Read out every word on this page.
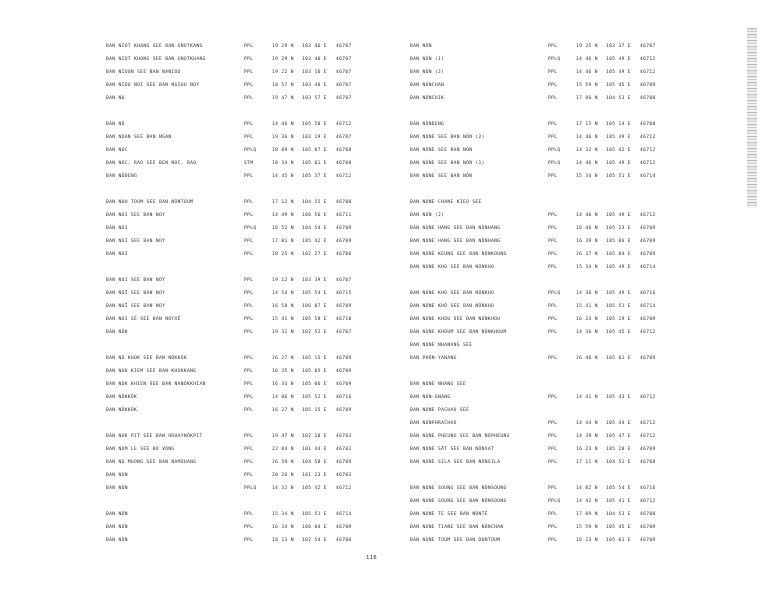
BAN NIOT KHANG SEE BAN GNOTKANG	PPL	19 29 N 103 46 E 46707
BAN NIOT KHONG SEE BAN GNOTKHANG	PPL	19 29 N 103 46 E 46707
BAN NIOUN SEE BAN NANIOU	PPL	19 22 N 103 16 E 46707
BAN NIOU NOI SEE BAN NGIOU NOY	PPL	18 57 N 103 40 E 46707
BAN NO	PPL	19 47 N 103 57 E 46707
BAN NÔ	PPL	14 46 N 105 50 E 46712
BAN NOAN SEE BAN NGAN	PPL	19 36 N 103 19 E 46707
BAN NOC	PPLQ	18 09 N 105 07 E 46708
BAN NOC, RAO SEE BEN NOC, RAO	STM	18 34 N 105 01 E 46708
BAN NÔDENG	PPL	14 45 N 105 37 E 46712
BAN NOH TOUM SEE BAN NÔNTOUM	PPL	17 12 N 104 55 E 46708
BAN NOI SEE BAN NOY	PPL	14 49 N 106 56 E 46711
BAN NOI	PPLQ	16 52 N 104 54 E 46709
BAN NOI SEE BAN NOY	PPL	17 01 N 105 42 E 46709
BAN NOI	PPL	18 25 N 102 27 E 46706
BAN NOI SEE BAN NOY	PPL	19 12 N 103 39 E 46707
BAN NOÏ SEE BAN NOY	PPL	14 54 N 105 54 E 46715
BAN NOÏ SEE BAN NOY	PPL	16 58 N 106 07 E 46709
BAN NOI SÉ SEE BAN NOYXÉ	PPL	15 41 N 105 58 E 46710
BAN NÔK	PPL	19 32 N 102 52 E 46707
BAN NO KHOK SEE BAN NÔKKÔK	PPL	16 27 N 105 15 E 46709
BAN NOK KIEM SEE BAN KHOKKANG	PPL	16 35 N 105 05 E 46709
BAN NOK KHIEN SEE BAN NANÔKKHIAN	PPL	16 33 N 105 06 E 46709
BAN NÔKKÔK	PPL	14 06 N 105 52 E 46716
BAN NÔKKÔK	PPL	16 27 N 105 15 E 46709
BAN NOK PIT SEE BAN HOUAYNÔKPIT	PPL	19 47 N 102 10 E 46703
BAN NOM LE SEE BO VONG	PPL	22 04 N 101 44 E 46702
BAN NO MUONG SEE BAN NAMOUANG	PPL	16 59 N 104 58 E 46709
BAN NON	PPL	20 26 N 101 23 E 46703
BAN NÔN	PPLQ	14 32 N 105 42 E 46712
BAN NÔN	PPL	15 34 N 105 51 E 46714
BAN NÔN	PPL	16 34 N 106 04 E 46709
BAN NÔN	PPL	18 13 N 102 54 E 46706
BAN NÔN	PPL	19 35 N 103 37 E 46707
BAN NÔN (1)	PPLQ	14 46 N 105 49 E 46712
BAN NÔN (2)	PPL	14 46 N 105 49 E 46712
BAN NÔNCHAN	PPL	15 59 N 105 45 E 46709
BAN NÔNCHIK	PPL	17 06 N 104 53 E 46708
BAN NÔNDENG	PPL	17 15 N 105 14 E 46708
BAN NONE SEE BAN NÔN (2)	PPL	14 46 N 105 49 E 46712
BAN NÔNE SEE BAN NÔN	PPLQ	14 32 N 105 42 E 46712
BAN NÔNE SEE BAN NÔN (1)	PPLQ	14 46 N 105 49 E 46712
BAN NÔNE SEE BAN NÔN	PPL	15 34 N 105 51 E 46714
BAN NONE CHANE KIEO SEE
BAN NÔN (2)	PPL	14 46 N 105 49 E 46712
BAN NONE HANG SEE BAN NÔNHANG	PPL	16 46 N 105 23 E 46709
BAN NONE HANG SEE BAN NÔNHANG	PPL	16 39 N 105 06 E 46709
BAN NONE KEUNG SEE BAN NÔNKOUNG	PPL	16 37 N 105 04 E 46709
BAN NONE KHO SEE BAN NÔNKHO	PPL	15 34 N 105 49 E 46714
BAN NÔNE KHO SEE BAN NÔNKHO	PPLQ	14 36 N 105 49 E 46716
BAN NÔNE KHÔ SEE BAN NÔNKHO	PPL	15 41 N 105 51 E 46714
BAN NONE KHOU SEE BAN NÔNKHOU	PPL	16 23 N 105 19 E 46709
BAN NONE KHOUM SEE BAN NÔNKHOUM	PPL	14 36 N 105 45 E 46712
BAN NONE NHANANG SEE
BAN PHÔN-YANANG	PPL	16 46 N 105 01 E 46709
BAN NONE NHANG SEE
BAN NÔN-GNANG	PPL	14 41 N 105 43 E 46712
BAN NONE PACHAO SEE
BAN NÔNPHRACHAO	PPL	14 44 N 105 44 E 46712
BAN NONE PHEUNG SEE BAN NÔPHEUNG	PPL	14 39 N 105 47 E 46712
BAN NONE SÂT SEE BAN NÔNXAT	PPL	16 23 N 105 20 E 46709
BAN NONE SILA SEE BAN NÔNSILA	PPL	17 11 N 104 52 E 46708
BAN NONE SOUNG SEE BAN NÔNSOUNG	PPL	14 02 N 105 54 E 46716
BAN NONE SOUNG SEE BAN NÔNSOUNG	PPLQ	14 42 N 105 41 E 46712
BAN NONE TE SEE BAN NÔNTÉ	PPL	17 09 N 104 53 E 46708
BAN NONE TIANE SEE BAN NÔNCHAN	PPL	15 59 N 105 45 E 46709
BAN NONE TOUM SEE BAN DONTOUM	PPL	16 23 N 105 01 E 46709
116
